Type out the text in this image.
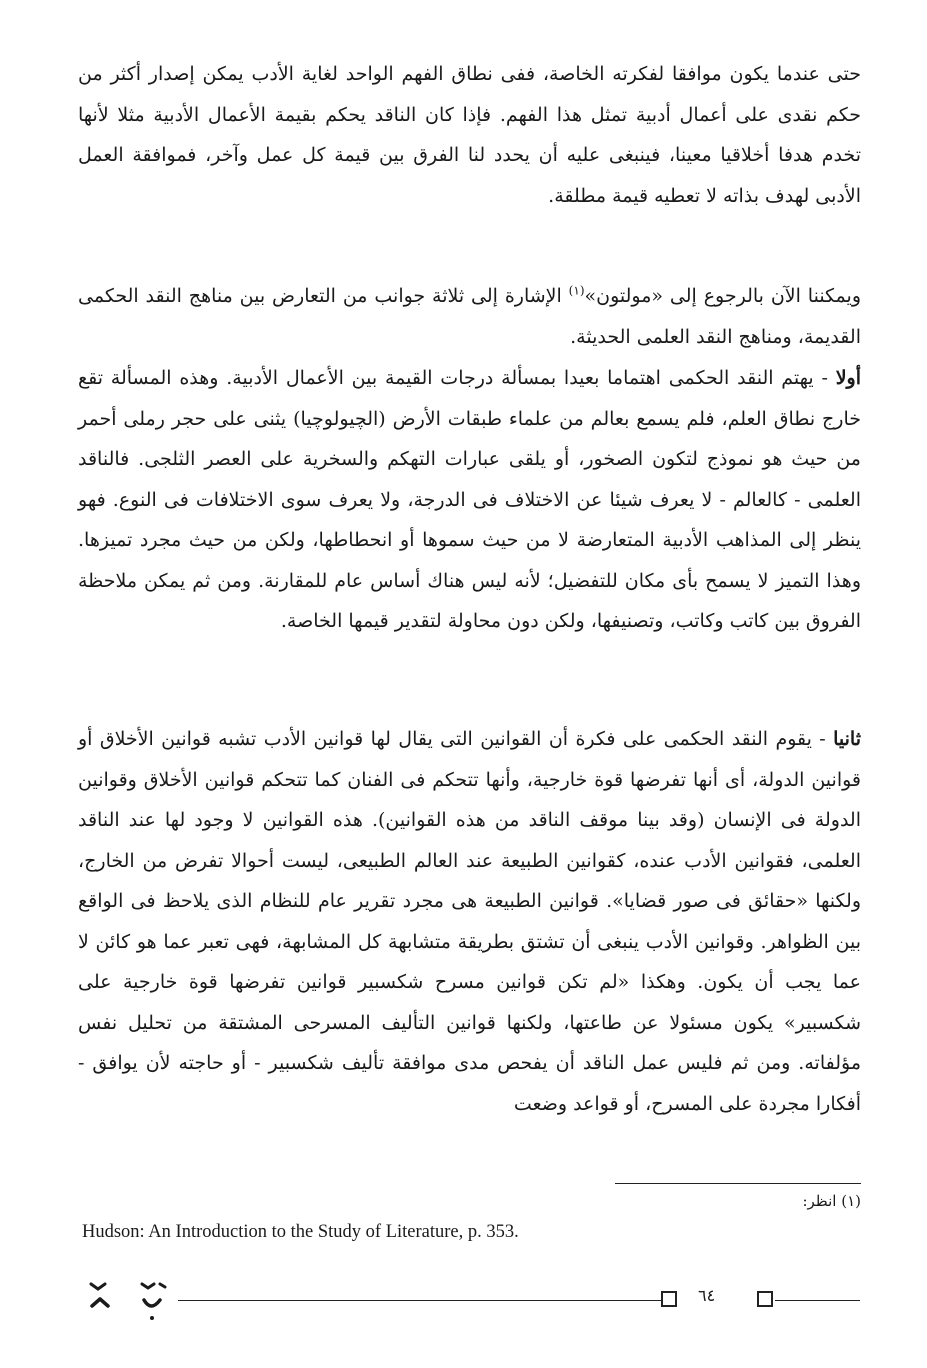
حتى عندما يكون موافقا لفكرته الخاصة، ففى نطاق الفهم الواحد لغاية الأدب يمكن إصدار أكثر من حكم نقدى على أعمال أدبية تمثل هذا الفهم. فإذا كان الناقد يحكم بقيمة الأعمال الأدبية مثلا لأنها تخدم هدفا أخلاقيا معينا، فينبغى عليه أن يحدد لنا الفرق بين قيمة كل عمل وآخر، فموافقة العمل الأدبى لهدف بذاته لا تعطيه قيمة مطلقة.

ويمكننا الآن بالرجوع إلى «مولتون»$^{(١)}$ الإشارة إلى ثلاثة جوانب من التعارض بين مناهج النقد الحكمى القديمة، ومناهج النقد العلمى الحديثة.

أولا - يهتم النقد الحكمى اهتماما بعيدا بمسألة درجات القيمة بين الأعمال الأدبية. وهذه المسألة تقع خارج نطاق العلم، فلم يسمع بعالم من علماء طبقات الأرض (الچيولوچيا) يثنى على حجر رملى أحمر من حيث هو نموذج لتكون الصخور، أو يلقى عبارات التهكم والسخرية على العصر الثلجى. فالناقد العلمى - كالعالم - لا يعرف شيئا عن الاختلاف فى الدرجة، ولا يعرف سوى الاختلافات فى النوع. فهو ينظر إلى المذاهب الأدبية المتعارضة لا من حيث سموها أو انحطاطها، ولكن من حيث مجرد تميزها. وهذا التميز لا يسمح بأى مكان للتفضيل؛ لأنه ليس هناك أساس عام للمقارنة. ومن ثم يمكن ملاحظة الفروق بين كاتب وكاتب، وتصنيفها، ولكن دون محاولة لتقدير قيمها الخاصة.

ثانيا - يقوم النقد الحكمى على فكرة أن القوانين التى يقال لها قوانين الأدب تشبه قوانين الأخلاق أو قوانين الدولة، أى أنها تفرضها قوة خارجية، وأنها تتحكم فى الفنان كما تتحكم قوانين الأخلاق وقوانين الدولة فى الإنسان (وقد بينا موقف الناقد من هذه القوانين). هذه القوانين لا وجود لها عند الناقد العلمى، فقوانين الأدب عنده، كقوانين الطبيعة عند العالم الطبيعى، ليست أحوالا تفرض من الخارج، ولكنها «حقائق فى صور قضايا». قوانين الطبيعة هى مجرد تقرير عام للنظام الذى يلاحظ فى الواقع بين الظواهر. وقوانين الأدب ينبغى أن تشتق بطريقة متشابهة كل المشابهة، فهى تعبر عما هو كائن لا عما يجب أن يكون. وهكذا «لم تكن قوانين مسرح شكسبير قوانين تفرضها قوة خارجية على شكسبير» يكون مسئولا عن طاعتها، ولكنها قوانين التأليف المسرحى المشتقة من تحليل نفس مؤلفاته. ومن ثم فليس عمل الناقد أن يفحص مدى موافقة تأليف شكسبير - أو حاجته لأن يوافق - أفكارا مجردة على المسرح، أو قواعد وضعت

(١) انظر:
Hudson: An Introduction to the Study of Literature, p. 353.
٦٤
